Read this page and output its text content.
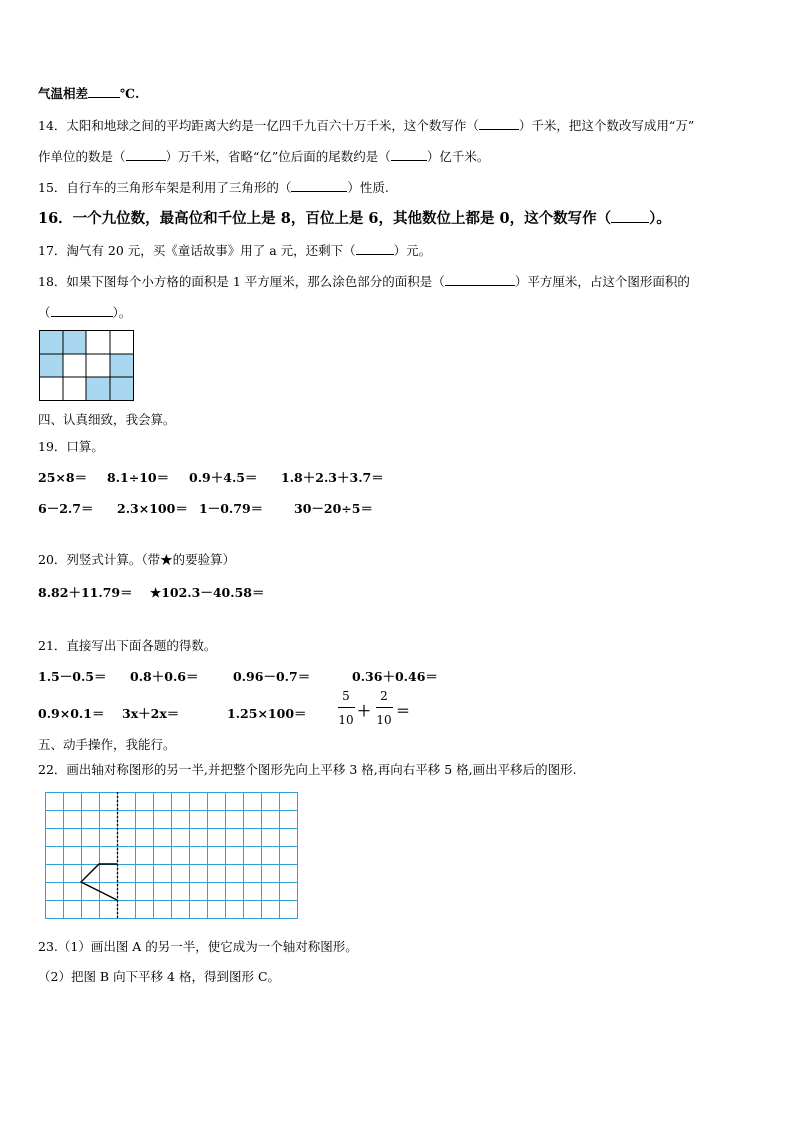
气温相差	℃.
14．太阳和地球之间的平均距离大约是一亿四千九百六十万千米，这个数写作（	）千米，把这个数改写成用“万”
作单位的数是（	）万千米，省略“亿”位后面的尾数约是（	）亿千米。
15．自行车的三角形车架是利用了三角形的（	）性质.
16．一个九位数，最高位和千位上是 8，百位上是 6，其他数位上都是 0，这个数写作（	）。
17．淘气有 20 元，买《童话故事》用了 a 元，还剩下（	）元。
18．如果下图每个小方格的面积是 1 平方厘米，那么涂色部分的面积是（	）平方厘米，占这个图形面积的
（	）。
四、认真细致，我会算。
19．口算。
25×8＝ 8.1÷10＝ 0.9＋4.5＝ 1.8＋2.3＋3.7＝
6－2.7＝ 2.3×100＝ 1－0.79＝ 30－20÷5＝
20．列竖式计算。（带★的要验算）
8.82＋11.79＝ ★102.3－40.58＝
21．直接写出下面各题的得数。
1.5－0.5＝ 0.8＋0.6＝	0.96－0.7＝	0.36＋0.46＝
0.9×0.1＝ 3x＋2x＝	1.25×100＝
5
10 ＋
2
10 ＝
五、动手操作，我能行。
22．画出轴对称图形的另一半,并把整个图形先向上平移 3 格,再向右平移 5 格,画出平移后的图形.
23.（1）画出图 A 的另一半，使它成为一个轴对称图形。
（2）把图 B 向下平移 4 格，得到图形 C。
